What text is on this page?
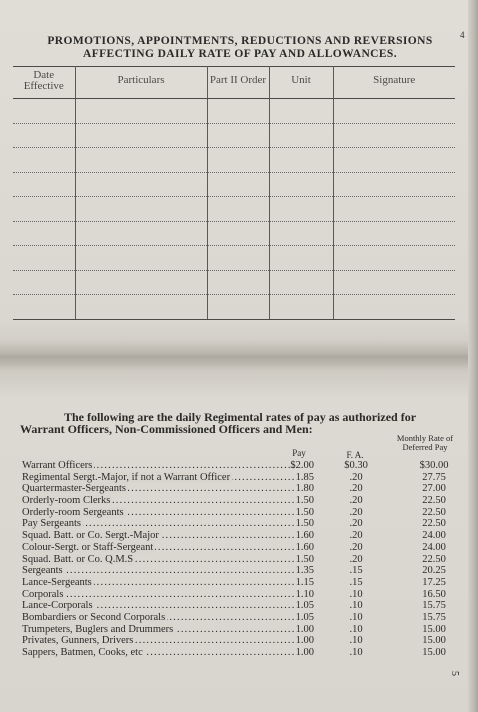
PROMOTIONS, APPOINTMENTS, REDUCTIONS AND REVERSIONS
AFFECTING DAILY RATE OF PAY AND ALLOWANCES.
4
Date Effective	Particulars	Part II Order	Unit	Signature

The following are the daily Regimental rates of pay as authorized for
Warrant Officers, Non-Commissioned Officers and Men:
Pay	F. A.
Monthly Rate of Deferred Pay
Warrant Officers .....	$2.00	$0.30	$30.00
Regimental Sergt.-Major, if not a Warrant Officer .....	1.85	.20	27.75
Quartermaster-Sergeants .....	1.80	.20	27.00
Orderly-room Clerks .....	1.50	.20	22.50
Orderly-room Sergeants .....	1.50	.20	22.50
Pay Sergeants .....	1.50	.20	22.50
Squad. Batt. or Co. Sergt.-Major .....	1.60	.20	24.00
Colour-Sergt. or Staff-Sergeant .....	1.60	.20	24.00
Squad. Batt. or Co. Q.M.S .....	1.50	.20	22.50
Sergeants .....	1.35	.15	20.25
Lance-Sergeants .....	1.15	.15	17.25
Corporals .....	1.10	.10	16.50
Lance-Corporals .....	1.05	.10	15.75
Bombardiers or Second Corporals .....	1.05	.10	15.75
Trumpeters, Buglers and Drummers .....	1.00	.10	15.00
Privates, Gunners, Drivers .....	1.00	.10	15.00
Sappers, Batmen, Cooks, etc .....	1.00	.10	15.00
5
